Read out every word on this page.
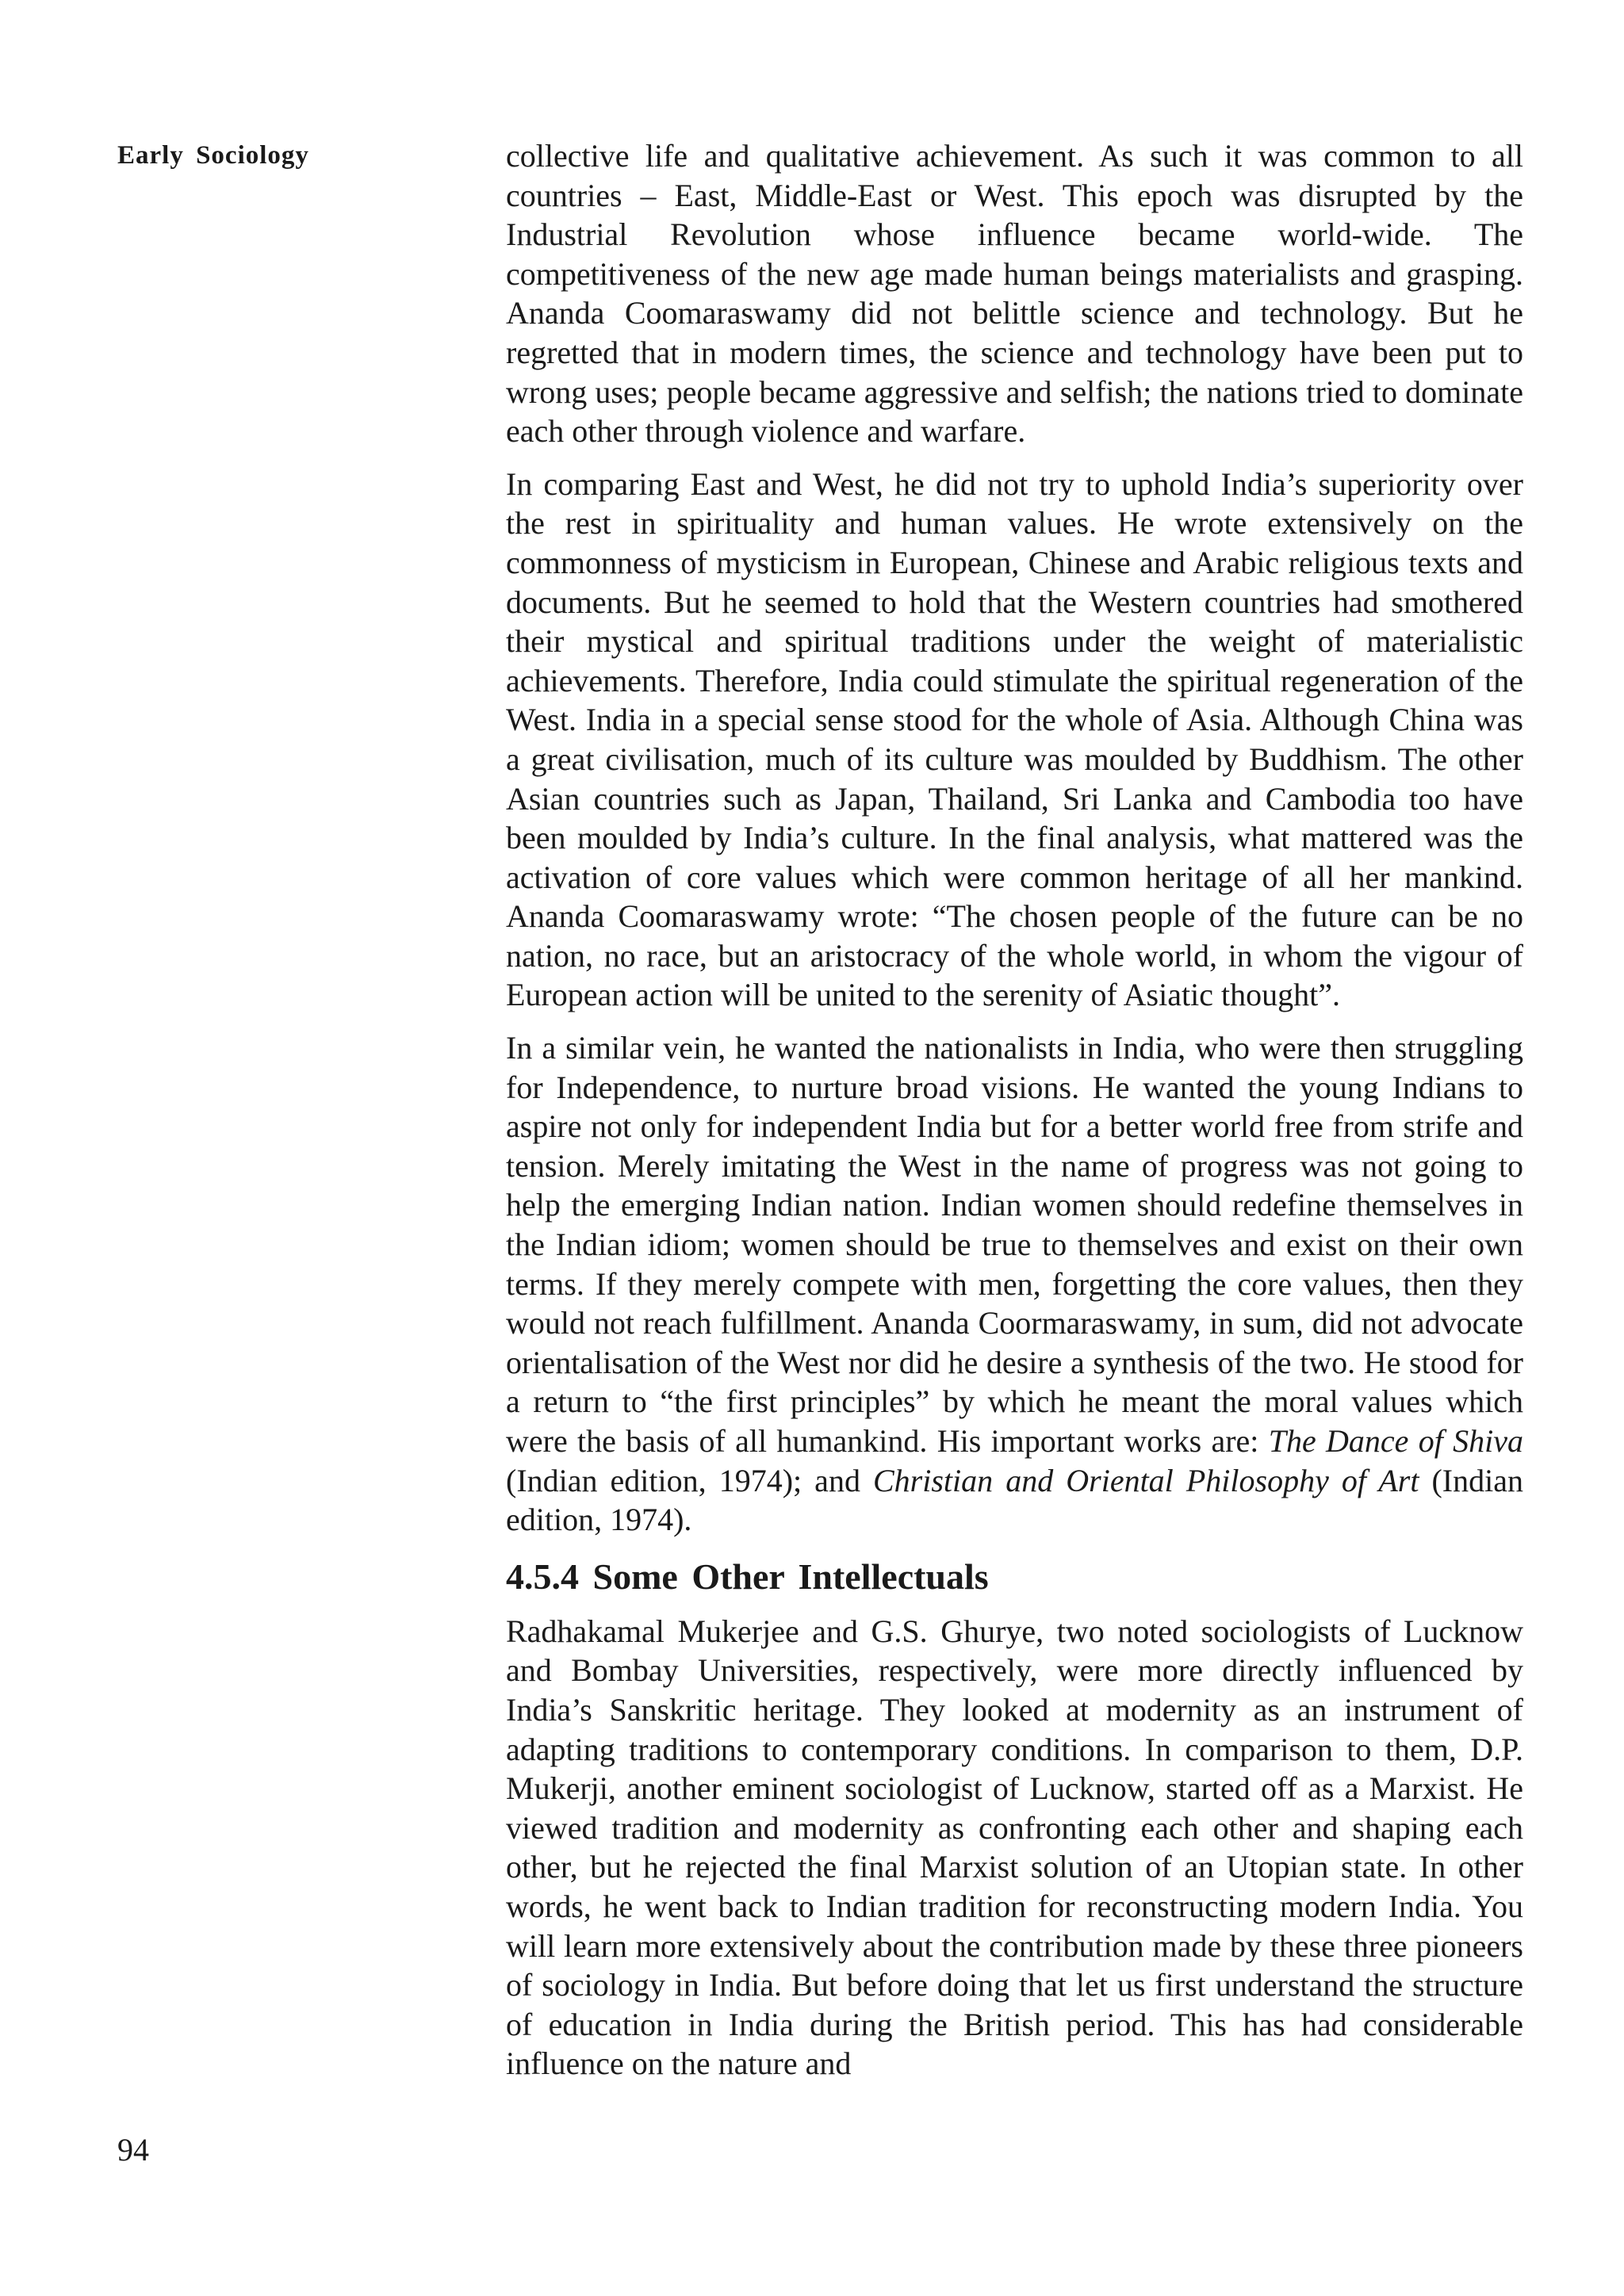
Early Sociology	collective life and qualitative achievement. As such it was common to all countries – East, Middle-East or West. This epoch was disrupted by the Industrial Revolution whose influence became world-wide. The competitiveness of the new age made human beings materialists and grasping. Ananda Coomaraswamy did not belittle science and technology. But he regretted that in modern times, the science and technology have been put to wrong uses; people became aggressive and selfish; the nations tried to dominate each other through violence and warfare.

In comparing East and West, he did not try to uphold India’s superiority over the rest in spirituality and human values. He wrote extensively on the commonness of mysticism in European, Chinese and Arabic religious texts and documents. But he seemed to hold that the Western countries had smothered their mystical and spiritual traditions under the weight of materialistic achievements. Therefore, India could stimulate the spiritual regeneration of the West. India in a special sense stood for the whole of Asia. Although China was a great civilisation, much of its culture was moulded by Buddhism. The other Asian countries such as Japan, Thailand, Sri Lanka and Cambodia too have been moulded by India’s culture. In the final analysis, what mattered was the activation of core values which were common heritage of all her mankind. Ananda Coomaraswamy wrote: “The chosen people of the future can be no nation, no race, but an aristocracy of the whole world, in whom the vigour of European action will be united to the serenity of Asiatic thought”.

In a similar vein, he wanted the nationalists in India, who were then struggling for Independence, to nurture broad visions. He wanted the young Indians to aspire not only for independent India but for a better world free from strife and tension. Merely imitating the West in the name of progress was not going to help the emerging Indian nation. Indian women should redefine themselves in the Indian idiom; women should be true to themselves and exist on their own terms. If they merely compete with men, forgetting the core values, then they would not reach fulfillment. Ananda Coormaraswamy, in sum, did not advocate orientalisation of the West nor did he desire a synthesis of the two. He stood for a return to “the first principles” by which he meant the moral values which were the basis of all humankind. His important works are: The Dance of Shiva (Indian edition, 1974); and Christian and Oriental Philosophy of Art (Indian edition, 1974).

4.5.4 Some Other Intellectuals

Radhakamal Mukerjee and G.S. Ghurye, two noted sociologists of Lucknow and Bombay Universities, respectively, were more directly influenced by India’s Sanskritic heritage. They looked at modernity as an instrument of adapting traditions to contemporary conditions. In comparison to them, D.P. Mukerji, another eminent sociologist of Lucknow, started off as a Marxist. He viewed tradition and modernity as confronting each other and shaping each other, but he rejected the final Marxist solution of an Utopian state. In other words, he went back to Indian tradition for reconstructing modern India. You will learn more extensively about the contribution made by these three pioneers of sociology in India. But before doing that let us first understand the structure of education in India during the British period. This has had considerable influence on the nature and

94
